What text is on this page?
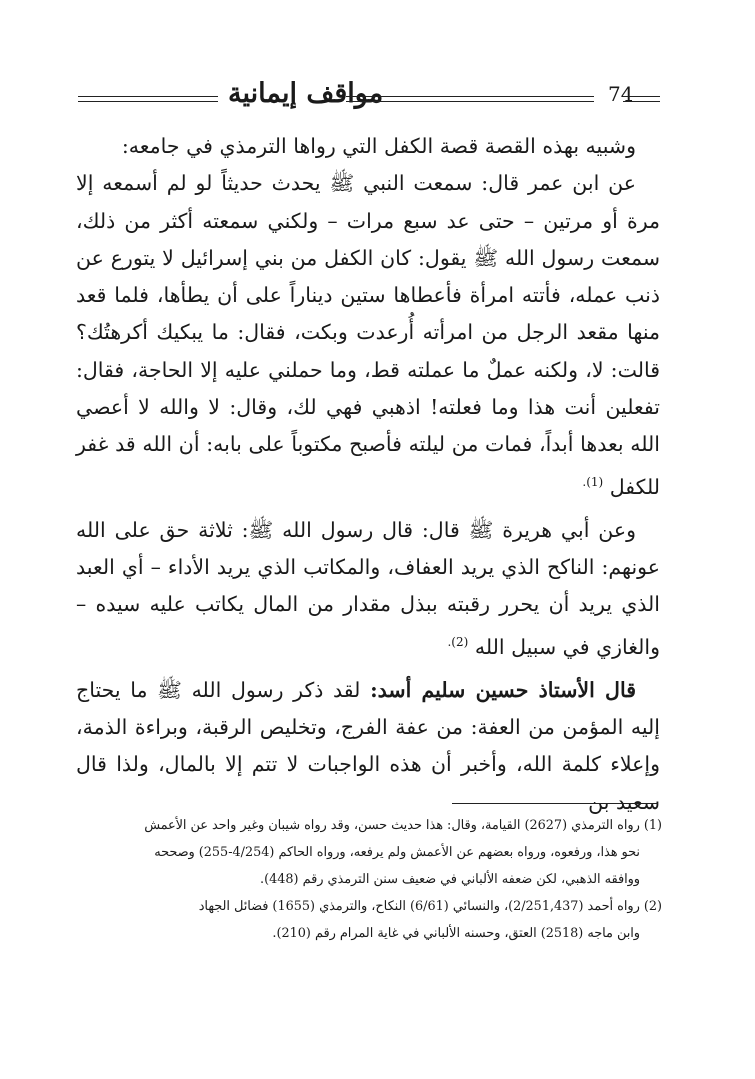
مواقف إيمانية	74

وشبيه بهذه القصة قصة الكفل التي رواها الترمذي في جامعه:

عن ابن عمر قال: سمعت النبي ﷺ يحدث حديثاً لو لم أسمعه إلا مرة أو مرتين – حتى عد سبع مرات – ولكني سمعته أكثر من ذلك، سمعت رسول الله ﷺ يقول: كان الكفل من بني إسرائيل لا يتورع عن ذنب عمله، فأتته امرأة فأعطاها ستين ديناراً على أن يطأها، فلما قعد منها مقعد الرجل من امرأته أُرعدت وبكت، فقال: ما يبكيك أكرهتُك؟ قالت: لا، ولكنه عملٌ ما عملته قط، وما حملني عليه إلا الحاجة، فقال: تفعلين أنت هذا وما فعلته! اذهبي فهي لك، وقال: لا والله لا أعصي الله بعدها أبداً، فمات من ليلته فأصبح مكتوباً على بابه: أن الله قد غفر للكفل $^{(1).}$

وعن أبي هريرة ﷺ قال: قال رسول الله ﷺ: ثلاثة حق على الله عونهم: الناكح الذي يريد العفاف، والمكاتب الذي يريد الأداء – أي العبد الذي يريد أن يحرر رقبته ببذل مقدار من المال يكاتب عليه سيده – والغازي في سبيل الله $^{(2).}$

قال الأستاذ حسين سليم أسد: لقد ذكر رسول الله ﷺ ما يحتاج إليه المؤمن من العفة: من عفة الفرج، وتخليص الرقبة، وبراءة الذمة، وإعلاء كلمة الله، وأخبر أن هذه الواجبات لا تتم إلا بالمال، ولذا قال سعيد بن

(1) رواه الترمذي (2627) القيامة، وقال: هذا حديث حسن، وقد رواه شيبان وغير واحد عن الأعمش

نحو هذا، ورفعوه، ورواه بعضهم عن الأعمش ولم يرفعه، ورواه الحاكم (4/254-255) وصححه

ووافقه الذهبي، لكن ضعفه الألباني في ضعيف سنن الترمذي رقم (448).

(2) رواه أحمد (2/251,437)، والنسائي (6/61) النكاح، والترمذي (1655) فضائل الجهاد

وابن ماجه (2518) العتق، وحسنه الألباني في غاية المرام رقم (210).
